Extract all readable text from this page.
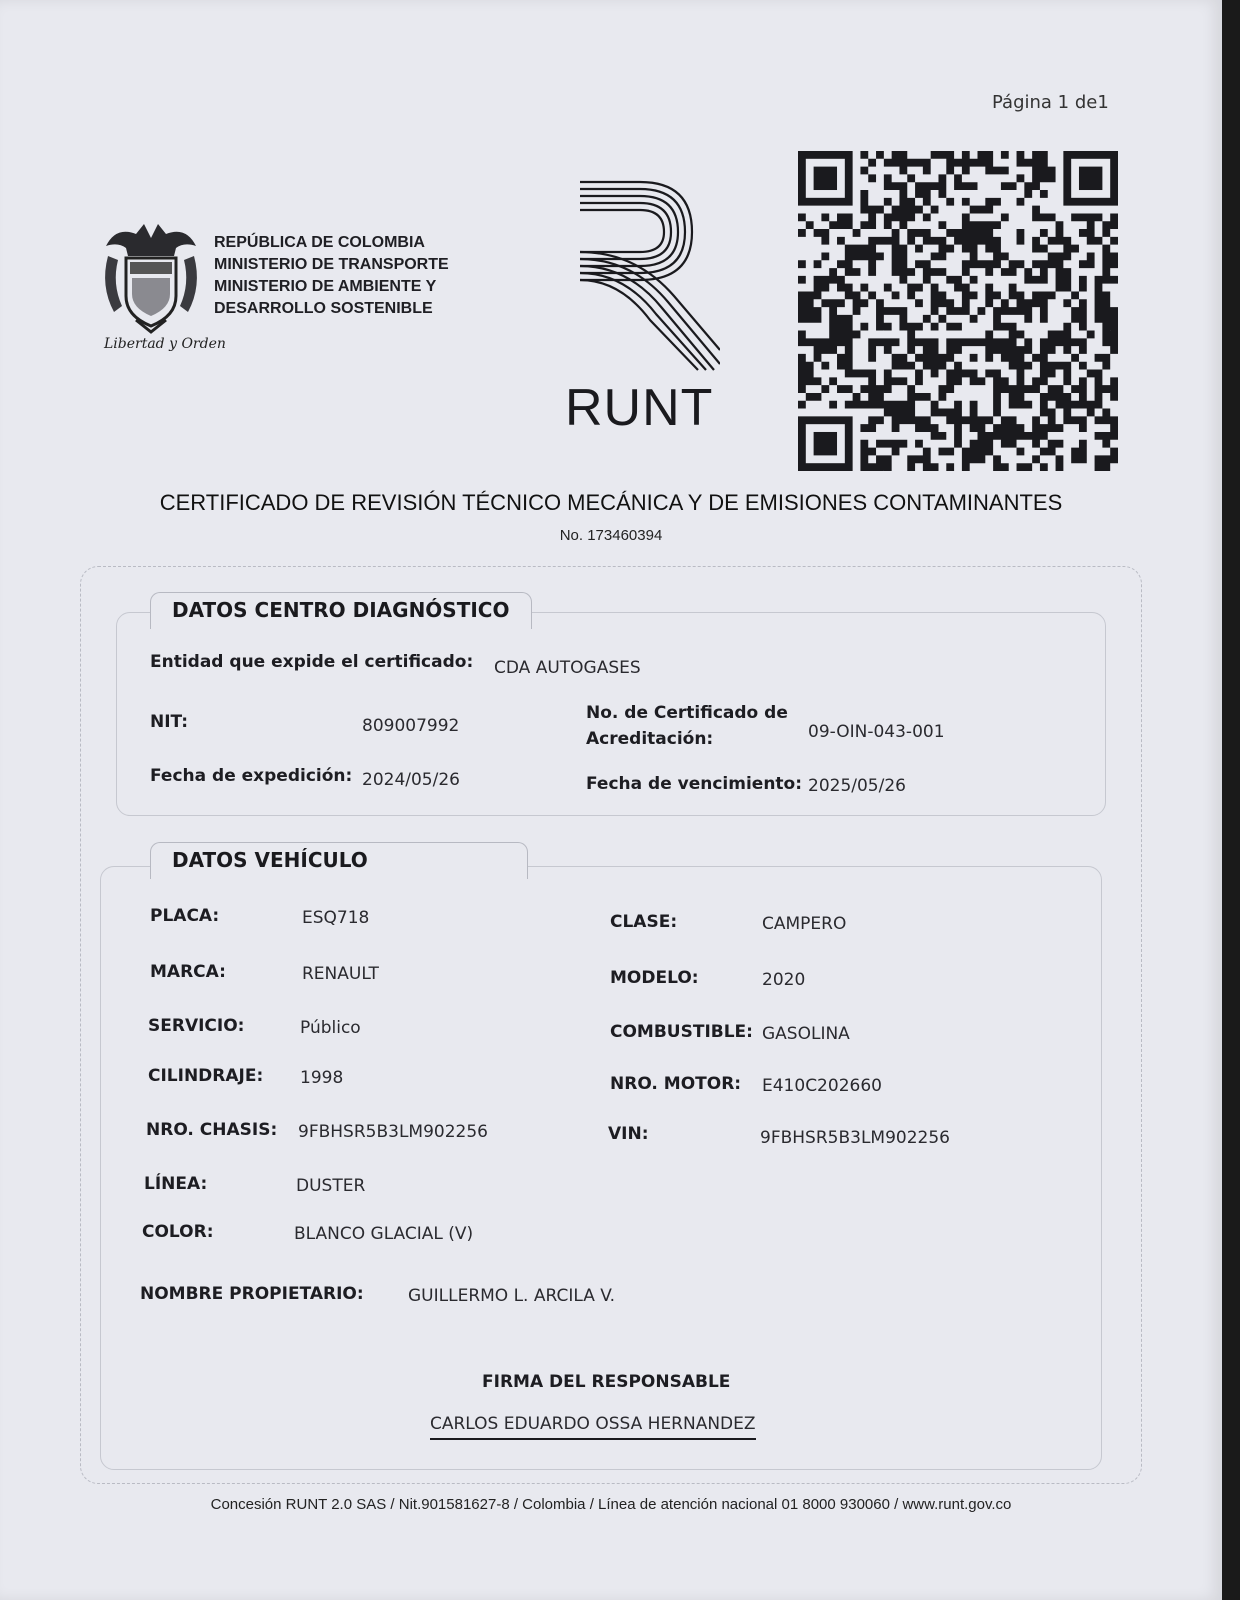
Página 1 de1
Libertad y Orden
REPÚBLICA DE COLOMBIA
MINISTERIO DE TRANSPORTE
MINISTERIO DE AMBIENTE Y
DESARROLLO SOSTENIBLE
RUNT
CERTIFICADO DE REVISIÓN TÉCNICO MECÁNICA Y DE EMISIONES CONTAMINANTES
No. 173460394
DATOS CENTRO DIAGNÓSTICO
Entidad que expide el certificado: CDA AUTOGASES
NIT:	809007992
No. de Certificado de
Acreditación:	09-OIN-043-001
Fecha de expedición: 2024/05/26	Fecha de vencimiento: 2025/05/26
DATOS VEHÍCULO
PLACA:	ESQ718	CLASE:	CAMPERO
MARCA:	RENAULT	MODELO:	2020
SERVICIO:	Público	COMBUSTIBLE: GASOLINA
CILINDRAJE: 1998	NRO. MOTOR: E410C202660
NRO. CHASIS: 9FBHSR5B3LM902256	VIN:	9FBHSR5B3LM902256
LÍNEA:	DUSTER
COLOR:	BLANCO GLACIAL (V)
NOMBRE PROPIETARIO:	GUILLERMO L. ARCILA V.
FIRMA DEL RESPONSABLE
CARLOS EDUARDO OSSA HERNANDEZ
Concesión RUNT 2.0 SAS / Nit.901581627-8 / Colombia / Línea de atención nacional 01 8000 930060 / www.runt.gov.co
